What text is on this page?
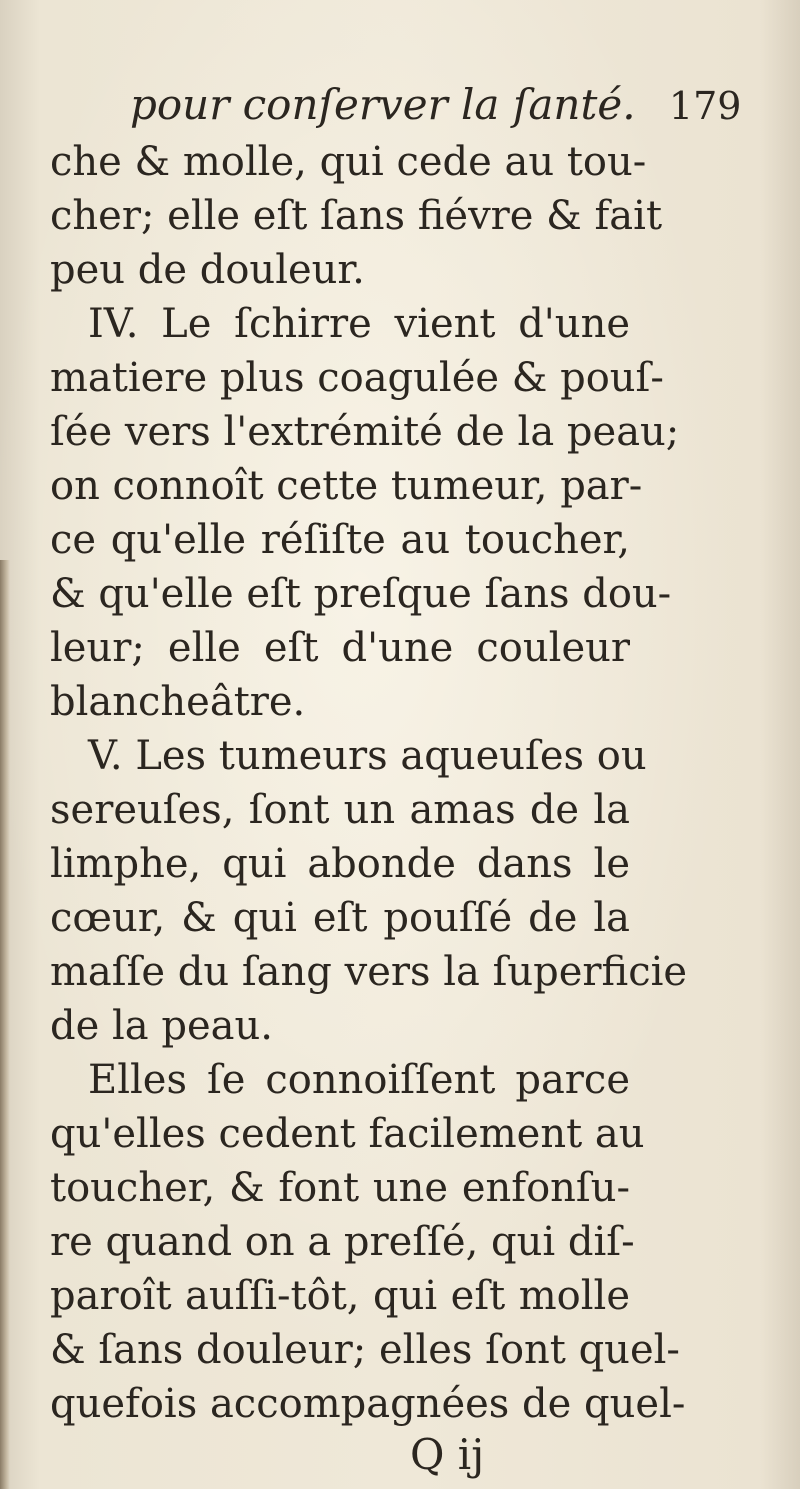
pour conſerver la ſanté. 179
che & molle, qui cede au tou-
cher; elle eſt ſans fiévre & fait
peu de douleur.
IV. Le ſchirre vient d'une
matiere plus coagulée & pouſ-
ſée vers l'extrémité de la peau;
on connoît cette tumeur, par-
ce qu'elle réſiſte au toucher,
& qu'elle eſt preſque ſans dou-
leur; elle eſt d'une couleur
blancheâtre.
V. Les tumeurs aqueuſes ou
sereuſes, ſont un amas de la
limphe, qui abonde dans le
cœur, & qui eſt pouſſé de la
maſſe du ſang vers la ſuperficie
de la peau.
Elles ſe connoiſſent parce
qu'elles cedent facilement au
toucher, & font une enfonſu-
re quand on a preſſé, qui diſ-
paroît auſſi-tôt, qui eſt molle
& ſans douleur; elles ſont quel-
quefois accompagnées de quel-
Q ij
